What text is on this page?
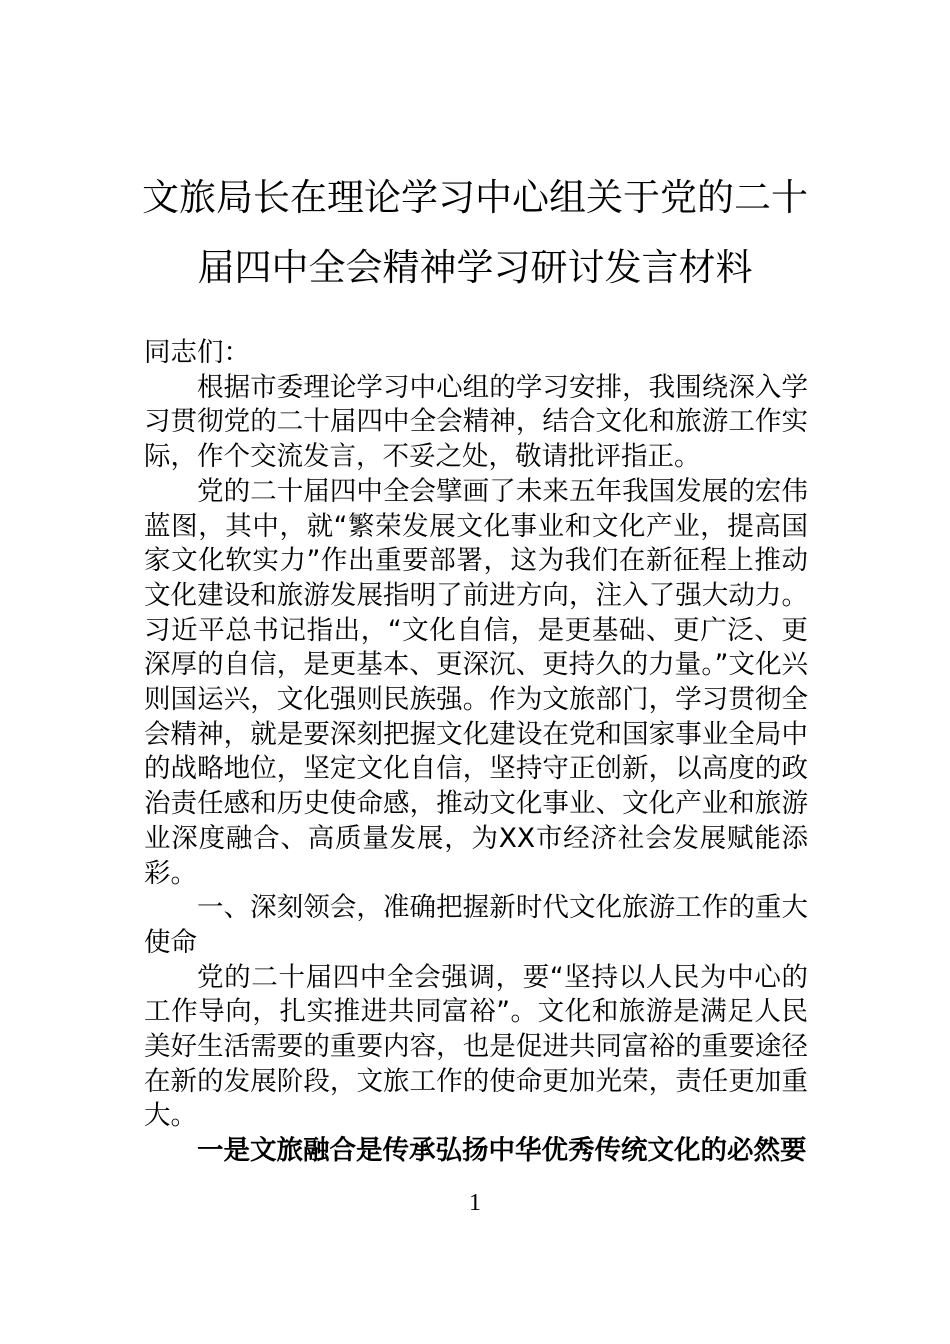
文旅局长在理论学习中心组关于党的二十
届四中全会精神学习研讨发言材料

同志们：

根据市委理论学习中心组的学习安排，我围绕深入学习贯彻党的二十届四中全会精神，结合文化和旅游工作实际，作个交流发言，不妥之处，敬请批评指正。

党的二十届四中全会擘画了未来五年我国发展的宏伟蓝图，其中，就“繁荣发展文化事业和文化产业，提高国家文化软实力”作出重要部署，这为我们在新征程上推动文化建设和旅游发展指明了前进方向，注入了强大动力。习近平总书记指出，“文化自信，是更基础、更广泛、更深厚的自信，是更基本、更深沉、更持久的力量。”文化兴则国运兴，文化强则民族强。作为文旅部门，学习贯彻全会精神，就是要深刻把握文化建设在党和国家事业全局中的战略地位，坚定文化自信，坚持守正创新，以高度的政治责任感和历史使命感，推动文化事业、文化产业和旅游业深度融合、高质量发展，为XX市经济社会发展赋能添彩。

一、深刻领会，准确把握新时代文化旅游工作的重大使命

党的二十届四中全会强调，要“坚持以人民为中心的工作导向，扎实推进共同富裕”。文化和旅游是满足人民美好生活需要的重要内容，也是促进共同富裕的重要途径在新的发展阶段，文旅工作的使命更加光荣，责任更加重大。

一是文旅融合是传承弘扬中华优秀传统文化的必然要

1
